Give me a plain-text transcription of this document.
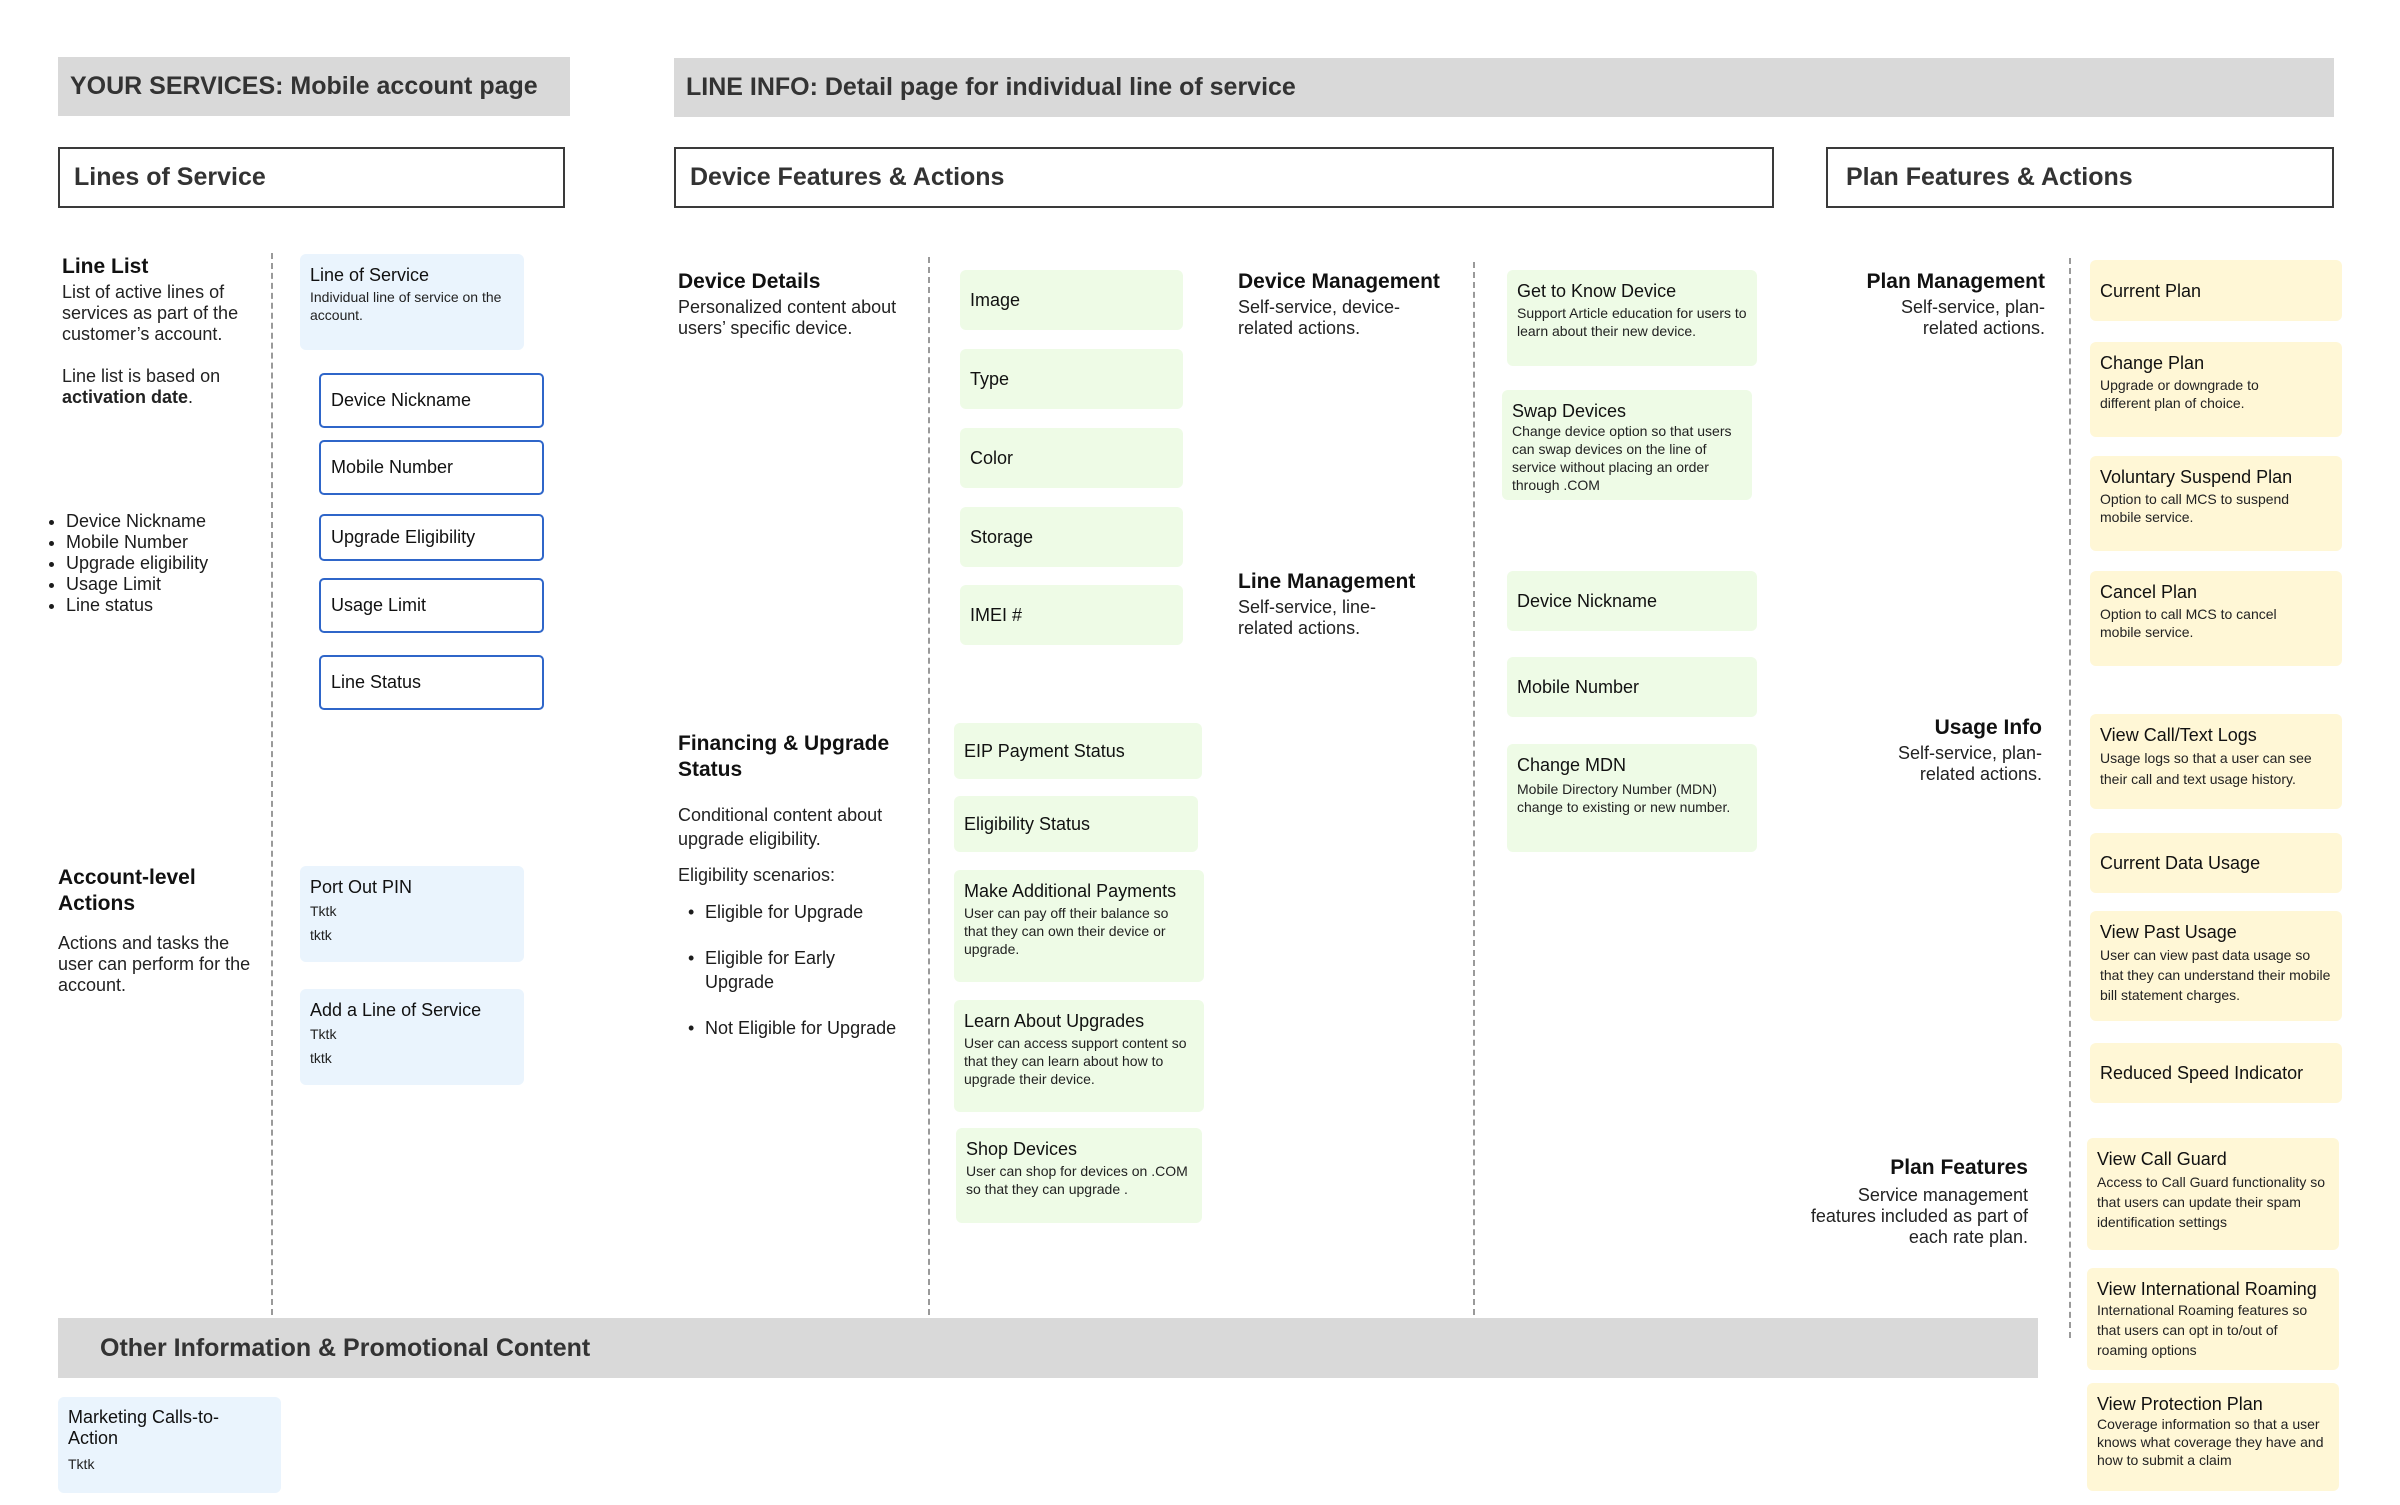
YOUR SERVICES: Mobile account page	LINE INFO: Detail page for individual line of service
Other Information & Promotional Content
Lines of Service	Device Features & Actions	Plan Features & Actions
Line List
List of active lines of services as part of the customer’s account.
Line list is based on activation date.
• Device Nickname
• Mobile Number
• Upgrade eligibility
• Usage Limit
• Line status
Line of Service
Individual line of service on the account.
Device Nickname
Mobile Number
Upgrade Eligibility
Usage Limit
Line Status
Account-level Actions
Actions and tasks the user can perform for the account.
Port Out PIN
Tktk
tktk
Add a Line of Service
Tktk
tktk
Device Details
Personalized content about users’ specific device.
Image
Type
Color
Storage
IMEI #
Financing & Upgrade Status
Conditional content about upgrade eligibility.
Eligibility scenarios:
• Eligible for Upgrade
• Eligible for Early Upgrade
• Not Eligible for Upgrade
EIP Payment Status
Eligibility Status
Make Additional Payments
User can pay off their balance so that they can own their device or upgrade.
Learn About Upgrades
User can access support content so that they can learn about how to upgrade their device.
Shop Devices
User can shop for devices on .COM so that they can upgrade .
Device Management
Self-service, device-related actions.
Get to Know Device
Support Article education for users to learn about their new device.
Swap Devices
Change device option so that users can swap devices on the line of service without placing an order through .COM
Line Management
Self-service, line-related actions.
Device Nickname
Mobile Number
Change MDN
Mobile Directory Number (MDN) change to existing or new number.
Plan Management
Self-service, plan-related actions.
Current Plan
Change Plan
Upgrade or downgrade to different plan of choice.
Voluntary Suspend Plan
Option to call MCS to suspend mobile service.
Cancel Plan
Option to call MCS to cancel mobile service.
Usage Info
Self-service, plan-related actions.
View Call/Text Logs
Usage logs so that a user can see their call and text usage history.
Current Data Usage
View Past Usage
User can view past data usage so that they can understand their mobile bill statement charges.
Reduced Speed Indicator
Plan Features
Service management features included as part of each rate plan.
View Call Guard
Access to Call Guard functionality so that users can update their spam identification settings
View International Roaming
International Roaming features so that users can opt in to/out of roaming options
View Protection Plan
Coverage information so that a user knows what coverage they have and how to submit a claim
Marketing Calls-to-Action
Tktk
